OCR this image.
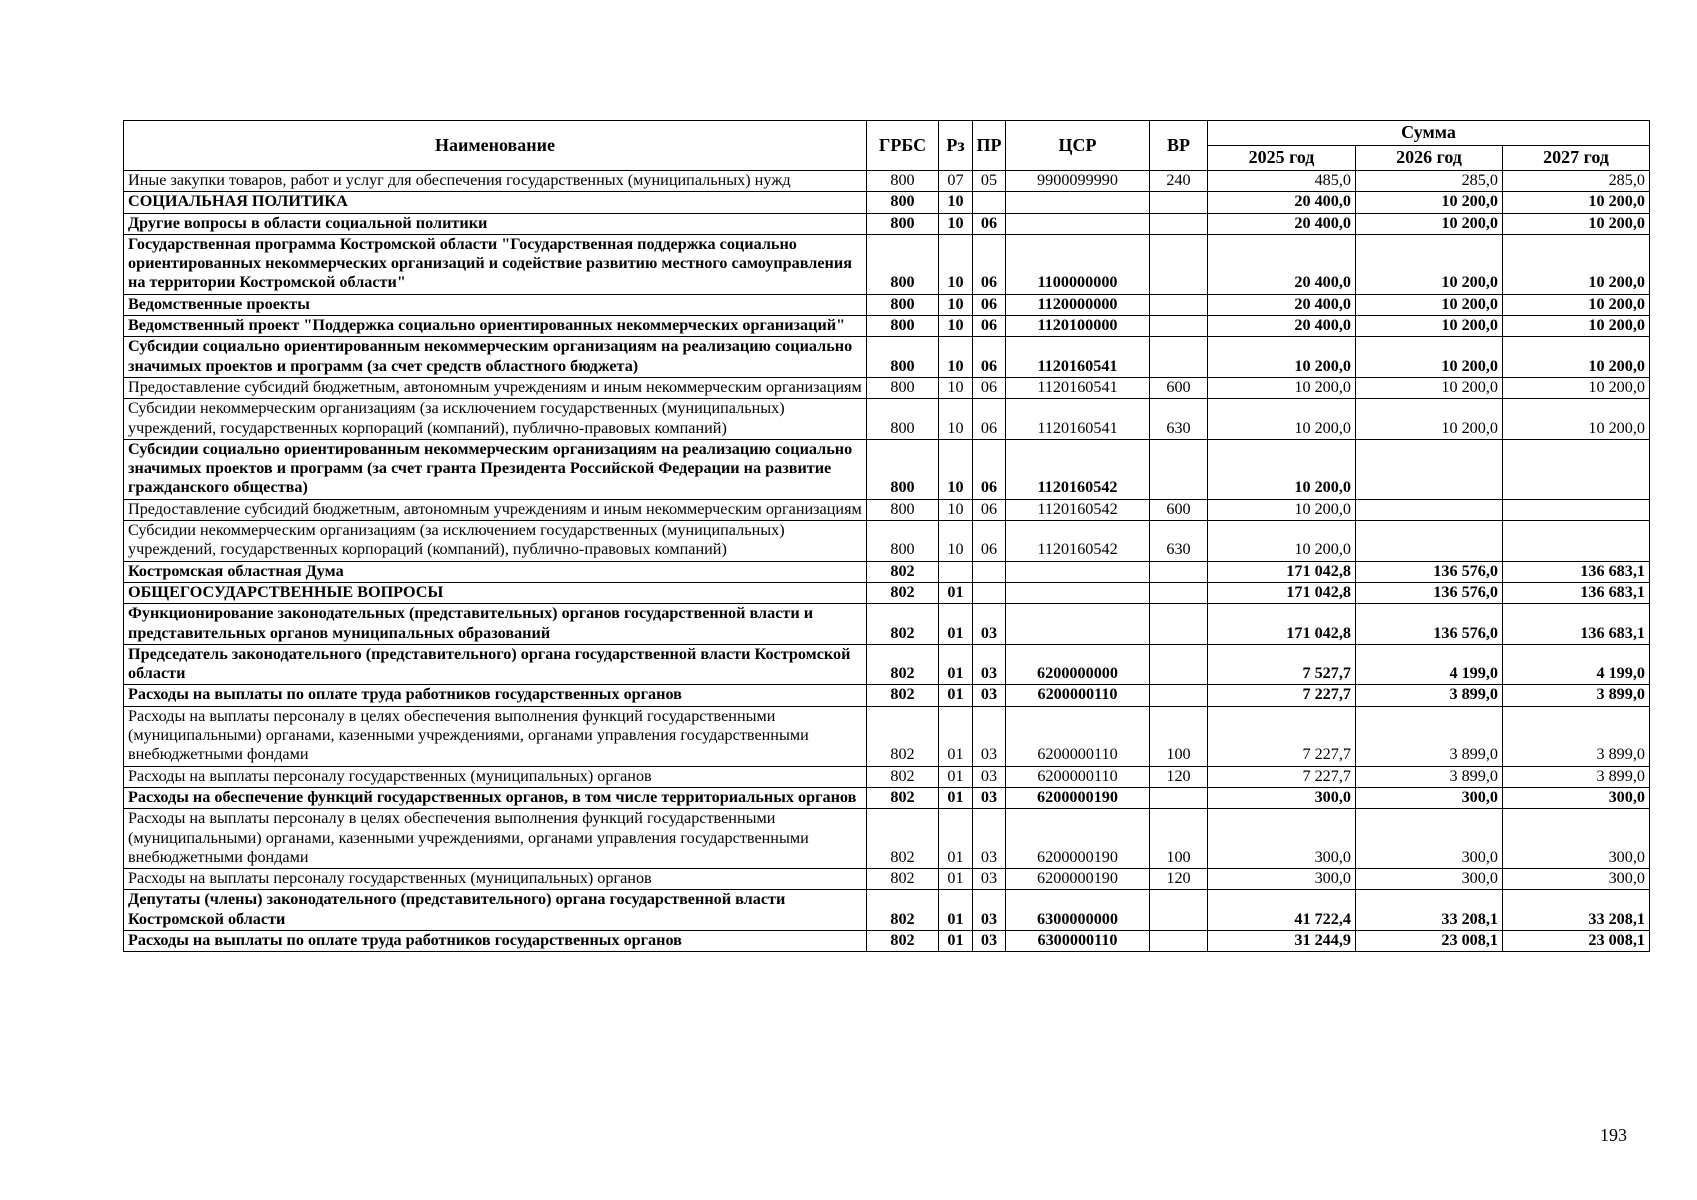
Наименование	ГРБС	Рз	ПР	ЦСР	ВР	Сумма		
						2025 год	2026 год	2027 год
Иные закупки товаров, работ и услуг для обеспечения государственных (муниципальных) нужд	800	07	05	9900099990	240	485,0	285,0	285,0
СОЦИАЛЬНАЯ ПОЛИТИКА	800	10				20 400,0	10 200,0	10 200,0
Другие вопросы в области социальной политики	800	10	06			20 400,0	10 200,0	10 200,0
Государственная программа Костромской области "Государственная поддержка социально ориентированных некоммерческих организаций и содействие развитию местного самоуправления на территории Костромской области"	800	10	06	1100000000		20 400,0	10 200,0	10 200,0
Ведомственные проекты	800	10	06	1120000000		20 400,0	10 200,0	10 200,0
Ведомственный проект "Поддержка социально ориентированных некоммерческих организаций"	800	10	06	1120100000		20 400,0	10 200,0	10 200,0
Субсидии социально ориентированным некоммерческим организациям на реализацию социально значимых проектов и программ (за счет средств областного бюджета)	800	10	06	1120160541		10 200,0	10 200,0	10 200,0
Предоставление субсидий бюджетным, автономным учреждениям и иным некоммерческим организациям	800	10	06	1120160541	600	10 200,0	10 200,0	10 200,0
Субсидии некоммерческим организациям (за исключением государственных (муниципальных) учреждений, государственных корпораций (компаний), публично-правовых компаний)	800	10	06	1120160541	630	10 200,0	10 200,0	10 200,0
Субсидии социально ориентированным некоммерческим организациям на реализацию социально значимых проектов и программ (за счет гранта Президента Российской Федерации на развитие гражданского общества)	800	10	06	1120160542		10 200,0		
Предоставление субсидий бюджетным, автономным учреждениям и иным некоммерческим организациям	800	10	06	1120160542	600	10 200,0		
Субсидии некоммерческим организациям (за исключением государственных (муниципальных) учреждений, государственных корпораций (компаний), публично-правовых компаний)	800	10	06	1120160542	630	10 200,0		
Костромская областная Дума	802					171 042,8	136 576,0	136 683,1
ОБЩЕГОСУДАРСТВЕННЫЕ ВОПРОСЫ	802	01				171 042,8	136 576,0	136 683,1
Функционирование законодательных (представительных) органов государственной власти и представительных органов муниципальных образований	802	01	03			171 042,8	136 576,0	136 683,1
Председатель законодательного (представительного) органа государственной власти Костромской области	802	01	03	6200000000		7 527,7	4 199,0	4 199,0
Расходы на выплаты по оплате труда работников государственных органов	802	01	03	6200000110		7 227,7	3 899,0	3 899,0
Расходы на выплаты персоналу в целях обеспечения выполнения функций государственными (муниципальными) органами, казенными учреждениями, органами управления государственными внебюджетными фондами	802	01	03	6200000110	100	7 227,7	3 899,0	3 899,0
Расходы на выплаты персоналу государственных (муниципальных) органов	802	01	03	6200000110	120	7 227,7	3 899,0	3 899,0
Расходы на обеспечение функций государственных органов, в том числе территориальных органов	802	01	03	6200000190		300,0	300,0	300,0
Расходы на выплаты персоналу в целях обеспечения выполнения функций государственными (муниципальными) органами, казенными учреждениями, органами управления государственными внебюджетными фондами	802	01	03	6200000190	100	300,0	300,0	300,0
Расходы на выплаты персоналу государственных (муниципальных) органов	802	01	03	6200000190	120	300,0	300,0	300,0
Депутаты (члены) законодательного (представительного) органа государственной власти Костромской области	802	01	03	6300000000		41 722,4	33 208,1	33 208,1
Расходы на выплаты по оплате труда работников государственных органов	802	01	03	6300000110		31 244,9	23 008,1	23 008,1
193
